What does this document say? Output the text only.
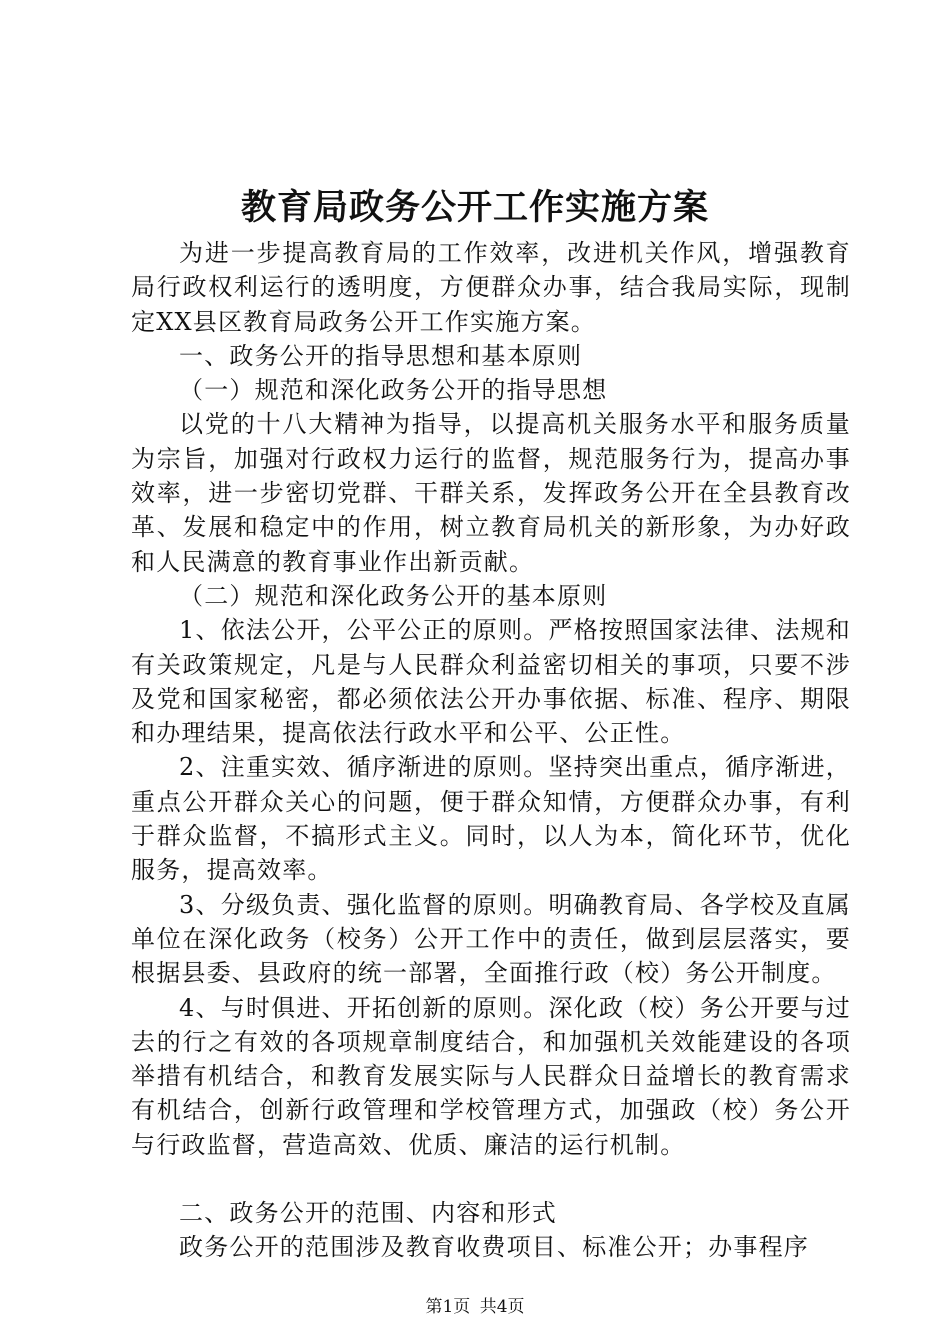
教育局政务公开工作实施方案

为进一步提高教育局的工作效率，改进机关作风，增强教育局行政权利运行的透明度，方便群众办事，结合我局实际，现制定XX县区教育局政务公开工作实施方案。

一、政务公开的指导思想和基本原则

（一）规范和深化政务公开的指导思想

以党的十八大精神为指导，以提高机关服务水平和服务质量为宗旨，加强对行政权力运行的监督，规范服务行为，提高办事效率，进一步密切党群、干群关系，发挥政务公开在全县教育改革、发展和稳定中的作用，树立教育局机关的新形象，为办好政和人民满意的教育事业作出新贡献。

（二）规范和深化政务公开的基本原则

1、依法公开，公平公正的原则。严格按照国家法律、法规和有关政策规定，凡是与人民群众利益密切相关的事项，只要不涉及党和国家秘密，都必须依法公开办事依据、标准、程序、期限和办理结果，提高依法行政水平和公平、公正性。

2、注重实效、循序渐进的原则。坚持突出重点，循序渐进，重点公开群众关心的问题，便于群众知情，方便群众办事，有利于群众监督，不搞形式主义。同时，以人为本，简化环节，优化服务，提高效率。

3、分级负责、强化监督的原则。明确教育局、各学校及直属单位在深化政务（校务）公开工作中的责任，做到层层落实，要根据县委、县政府的统一部署，全面推行政（校）务公开制度。

4、与时俱进、开拓创新的原则。深化政（校）务公开要与过去的行之有效的各项规章制度结合，和加强机关效能建设的各项举措有机结合，和教育发展实际与人民群众日益增长的教育需求有机结合，创新行政管理和学校管理方式，加强政（校）务公开与行政监督，营造高效、优质、廉洁的运行机制。

二、政务公开的范围、内容和形式

政务公开的范围涉及教育收费项目、标准公开；办事程序

第1页 共4页
